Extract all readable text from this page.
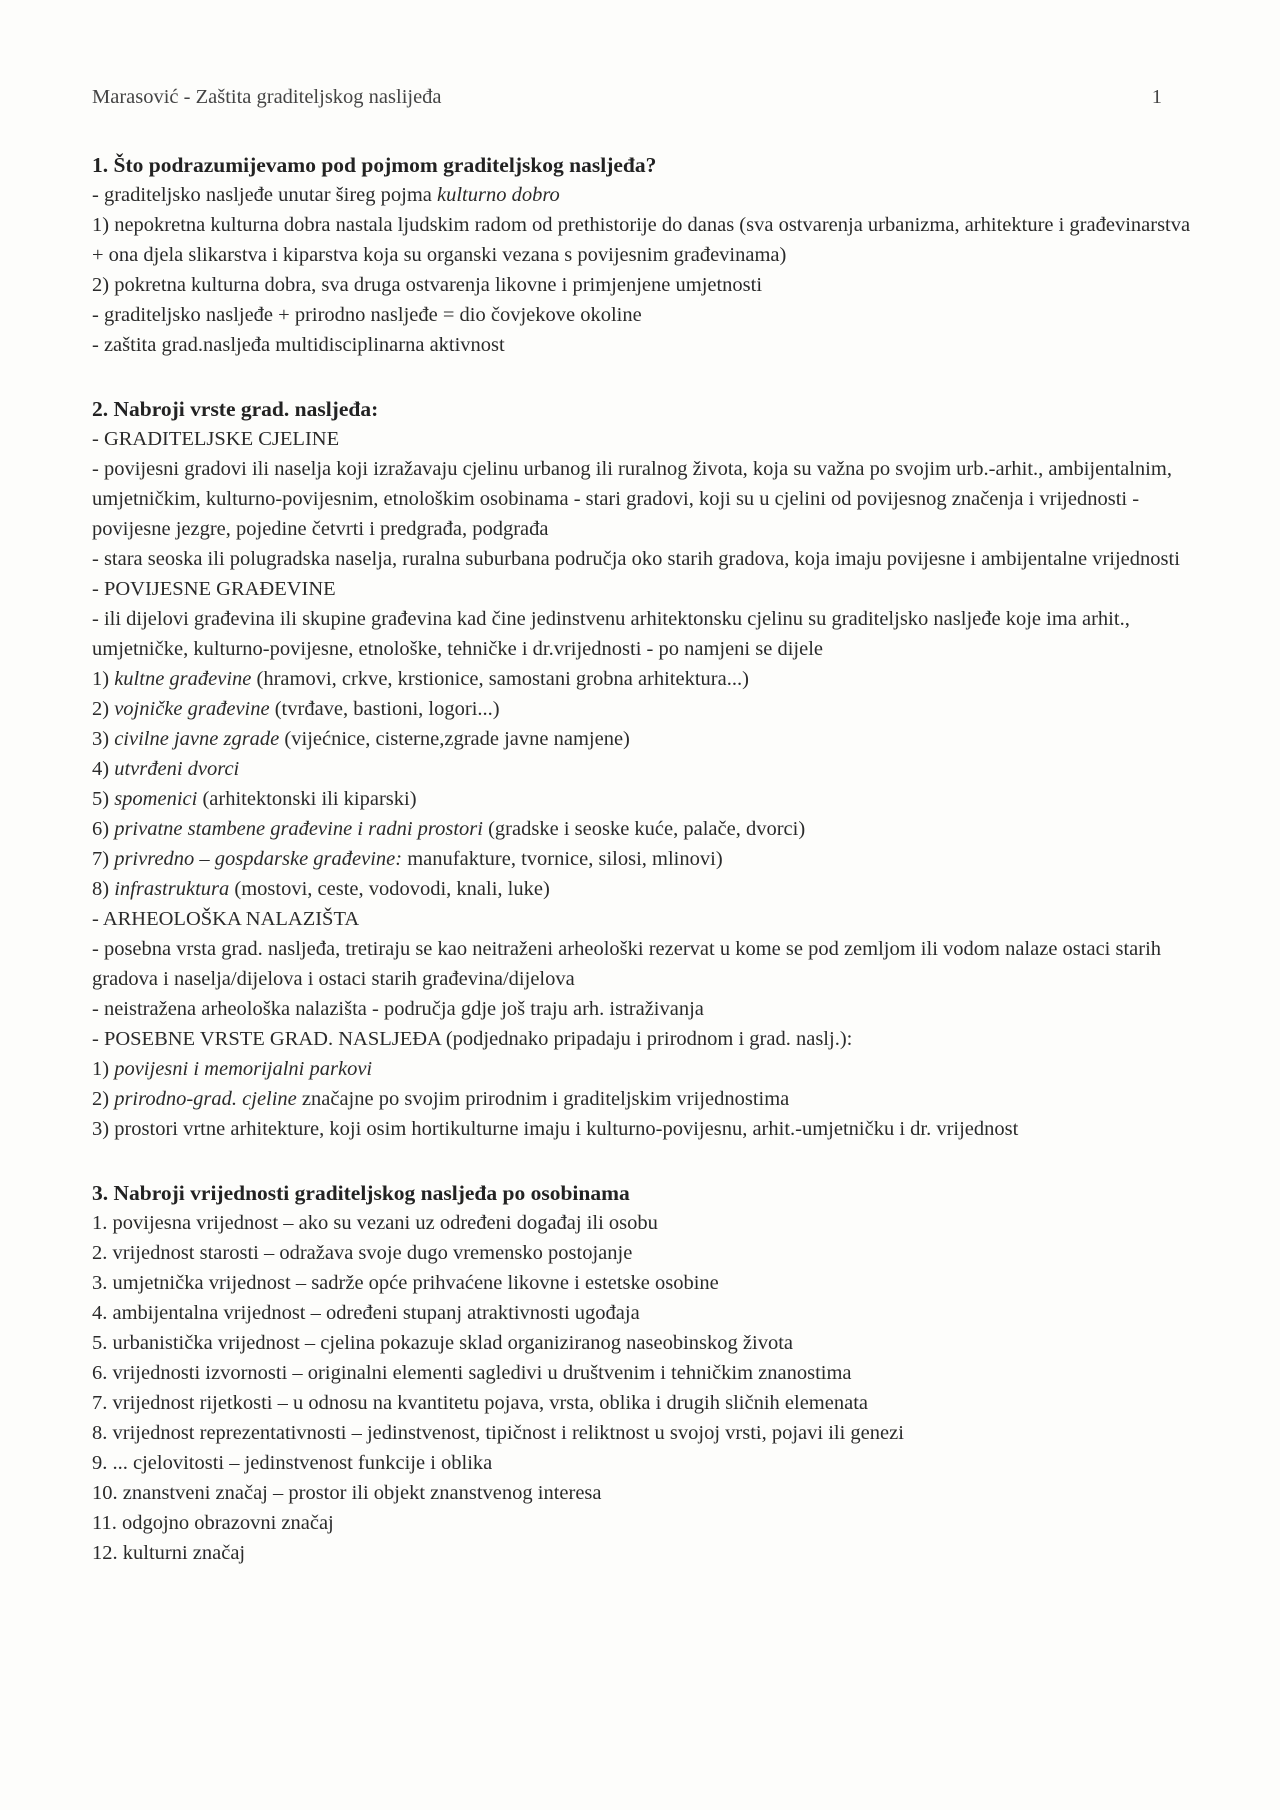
Marasović - Zaštita graditeljskog naslijeđa	1
1. Što podrazumijevamo pod pojmom graditeljskog nasljeđa?
- graditeljsko nasljeđe unutar šireg pojma kulturno dobro
1) nepokretna kulturna dobra nastala ljudskim radom od prethistorije do danas (sva ostvarenja urbanizma, arhitekture i građevinarstva + ona djela slikarstva i kiparstva koja su organski vezana s povijesnim građevinama)
2) pokretna kulturna dobra, sva druga ostvarenja likovne i primjenjene umjetnosti
- graditeljsko nasljeđe + prirodno nasljeđe = dio čovjekove okoline
- zaštita grad.nasljeđa multidisciplinarna aktivnost
2. Nabroji vrste grad. nasljeđa:
- GRADITELJSKE CJELINE
- povijesni gradovi ili naselja koji izražavaju cjelinu urbanog ili ruralnog života, koja su važna po svojim urb.-arhit., ambijentalnim, umjetničkim, kulturno-povijesnim, etnološkim osobinama - stari gradovi, koji su u cjelini od povijesnog značenja i vrijednosti - povijesne jezgre, pojedine četvrti i predgrađa, podgrađa
- stara seoska ili polugradska naselja, ruralna suburbana područja oko starih gradova, koja imaju povijesne i ambijentalne vrijednosti
- POVIJESNE GRAĐEVINE
- ili dijelovi građevina ili skupine građevina kad čine jedinstvenu arhitektonsku cjelinu su graditeljsko nasljeđe koje ima arhit., umjetničke, kulturno-povijesne, etnološke, tehničke i dr.vrijednosti - po namjeni se dijele
1) kultne građevine (hramovi, crkve, krstionice, samostani grobna arhitektura...)
2) vojničke građevine (tvrđave, bastioni, logori...)
3) civilne javne zgrade (vijećnice, cisterne,zgrade javne namjene)
4) utvrđeni dvorci
5) spomenici (arhitektonski ili kiparski)
6) privatne stambene građevine i radni prostori (gradske i seoske kuće, palače, dvorci)
7) privredno – gospdarske građevine: manufakture, tvornice, silosi, mlinovi)
8) infrastruktura (mostovi, ceste, vodovodi, knali, luke)
- ARHEOLOŠKA NALAZIŠTA
- posebna vrsta grad. nasljeđa, tretiraju se kao neitraženi arheološki rezervat u kome se pod zemljom ili vodom nalaze ostaci starih gradova i naselja/dijelova i ostaci starih građevina/dijelova
- neistražena arheološka nalazišta - područja gdje još traju arh. istraživanja
- POSEBNE VRSTE GRAD. NASLJEĐA (podjednako pripadaju i prirodnom i grad. naslj.):
1) povijesni i memorijalni parkovi
2) prirodno-grad. cjeline značajne po svojim prirodnim i graditeljskim vrijednostima
3) prostori vrtne arhitekture, koji osim hortikulturne imaju i kulturno-povijesnu, arhit.-umjetničku i dr. vrijednost
3. Nabroji vrijednosti graditeljskog nasljeđa po osobinama
1. povijesna vrijednost – ako su vezani uz određeni događaj ili osobu
2. vrijednost starosti – odražava svoje dugo vremensko postojanje
3. umjetnička vrijednost – sadrže opće prihvaćene likovne i estetske osobine
4. ambijentalna vrijednost – određeni stupanj atraktivnosti ugođaja
5. urbanistička vrijednost – cjelina pokazuje sklad organiziranog naseobinskog života
6. vrijednosti izvornosti – originalni elementi sagledivi u društvenim i tehničkim znanostima
7. vrijednost rijetkosti – u odnosu na kvantitetu pojava, vrsta, oblika i drugih sličnih elemenata
8. vrijednost reprezentativnosti – jedinstvenost, tipičnost i reliktnost u svojoj vrsti, pojavi ili genezi
9. ... cjelovitosti – jedinstvenost funkcije i oblika
10. znanstveni značaj – prostor ili objekt znanstvenog interesa
11. odgojno obrazovni značaj
12. kulturni značaj
